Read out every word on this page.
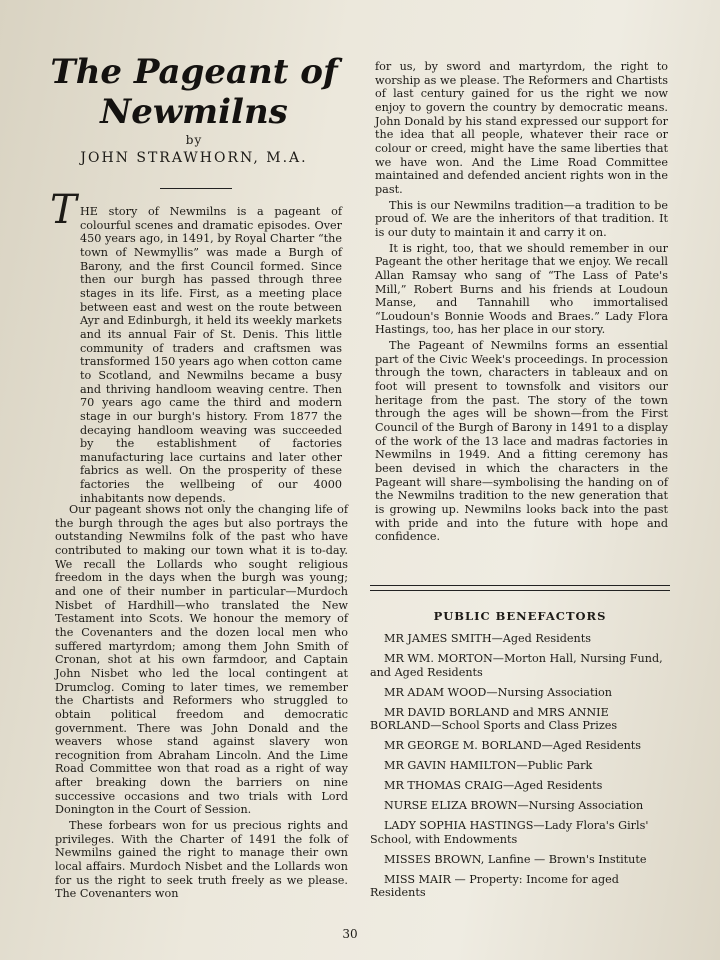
The Pageant of Newmilns
by
JOHN STRAWHORN, M.A.
T HE story of Newmilns is a pageant of colourful scenes and dramatic episodes. Over 450 years ago, in 1491, by Royal Charter “the town of Newmyllis” was made a Burgh of Barony, and the first Council formed. Since then our burgh has passed through three stages in its life. First, as a meeting place between east and west on the route between Ayr and Edinburgh, it held its weekly markets and its annual Fair of St. Denis. This little community of traders and craftsmen was transformed 150 years ago when cotton came to Scotland, and Newmilns became a busy and thriving handloom weaving centre. Then 70 years ago came the third and modern stage in our burgh's history. From 1877 the decaying handloom weaving was succeeded by the establishment of factories manufacturing lace curtains and later other fabrics as well. On the prosperity of these factories the wellbeing of our 4000 inhabitants now depends.

Our pageant shows not only the changing life of the burgh through the ages but also portrays the outstanding Newmilns folk of the past who have contributed to making our town what it is to-day. We recall the Lollards who sought religious freedom in the days when the burgh was young; and one of their number in particular—Murdoch Nisbet of Hardhill—who translated the New Testament into Scots. We honour the memory of the Covenanters and the dozen local men who suffered martyrdom; among them John Smith of Cronan, shot at his own farmdoor, and Captain John Nisbet who led the local contingent at Drumclog. Coming to later times, we remember the Chartists and Reformers who struggled to obtain political freedom and democratic government. There was John Donald and the weavers whose stand against slavery won recognition from Abraham Lincoln. And the Lime Road Committee won that road as a right of way after breaking down the barriers on nine successive occasions and two trials with Lord Donington in the Court of Session.

These forbears won for us precious rights and privileges. With the Charter of 1491 the folk of Newmilns gained the right to manage their own local affairs. Murdoch Nisbet and the Lollards won for us the right to seek truth freely as we please. The Covenanters won

for us, by sword and martyrdom, the right to worship as we please. The Reformers and Chartists of last century gained for us the right we now enjoy to govern the country by democratic means. John Donald by his stand expressed our support for the idea that all people, whatever their race or colour or creed, might have the same liberties that we have won. And the Lime Road Committee maintained and defended ancient rights won in the past.

This is our Newmilns tradition—a tradition to be proud of. We are the inheritors of that tradition. It is our duty to maintain it and carry it on.

It is right, too, that we should remember in our Pageant the other heritage that we enjoy. We recall Allan Ramsay who sang of “The Lass of Pate's Mill,” Robert Burns and his friends at Loudoun Manse, and Tannahill who immortalised “Loudoun's Bonnie Woods and Braes.” Lady Flora Hastings, too, has her place in our story.

The Pageant of Newmilns forms an essential part of the Civic Week's proceedings. In procession through the town, characters in tableaux and on foot will present to townsfolk and visitors our heritage from the past. The story of the town through the ages will be shown—from the First Council of the Burgh of Barony in 1491 to a display of the work of the 13 lace and madras factories in Newmilns in 1949. And a fitting ceremony has been devised in which the characters in the Pageant will share—symbolising the handing on of the Newmilns tradition to the new generation that is growing up. Newmilns looks back into the past with pride and into the future with hope and confidence.

PUBLIC BENEFACTORS
MR JAMES SMITH—Aged Residents
MR WM. MORTON—Morton Hall, Nursing Fund, and Aged Residents
MR ADAM WOOD—Nursing Association
MR DAVID BORLAND and MRS ANNIE BORLAND—School Sports and Class Prizes
MR GEORGE M. BORLAND—Aged Residents
MR GAVIN HAMILTON—Public Park
MR THOMAS CRAIG—Aged Residents
NURSE ELIZA BROWN—Nursing Association
LADY SOPHIA HASTINGS—Lady Flora's Girls' School, with Endowments
MISSES BROWN, Lanfine — Brown's Institute
MISS MAIR — Property: Income for aged Residents
30
